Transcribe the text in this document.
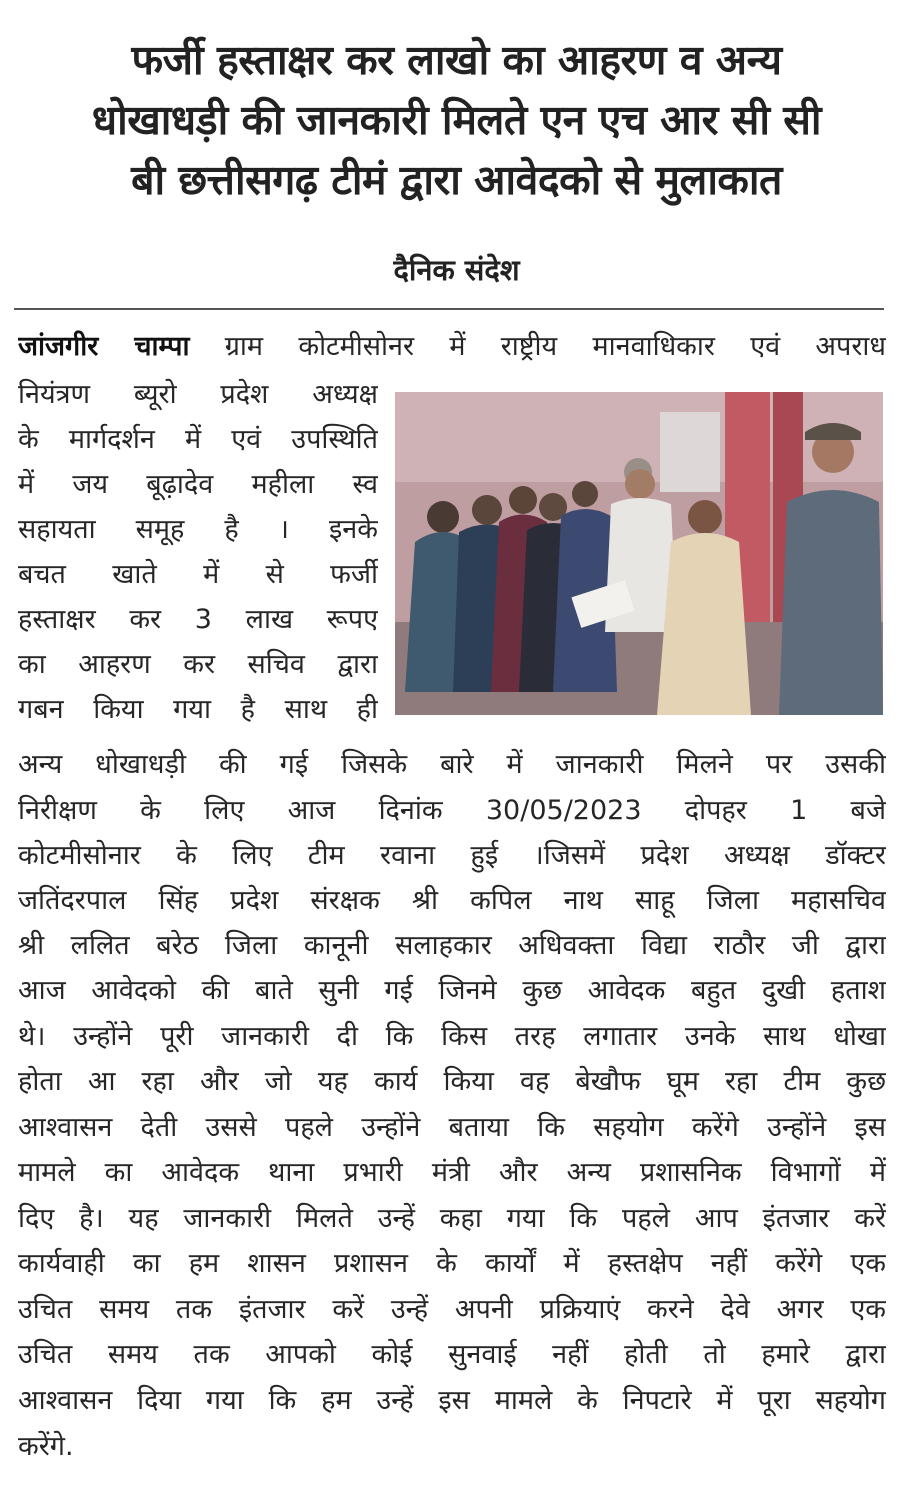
फर्जी हस्ताक्षर कर लाखो का आहरण व अन्य
धोखाधड़ी की जानकारी मिलते एन एच आर सी सी
बी छत्तीसगढ़ टीमं द्वारा आवेदको से मुलाकात
दैनिक संदेश
जांजगीर चाम्पा ग्राम कोटमीसोनर में राष्ट्रीय मानवाधिकार एवं अपराध
नियंत्रण ब्यूरो प्रदेश अध्यक्ष
के मार्गदर्शन में एवं उपस्थिति
में जय बूढ़ादेव महीला स्व
सहायता समूह है । इनके
बचत खाते में से फर्जी
हस्ताक्षर कर 3 लाख रूपए
का आहरण कर सचिव द्वारा
गबन किया गया है साथ ही
अन्य धोखाधड़ी की गई जिसके बारे में जानकारी मिलने पर उसकी
निरीक्षण के लिए आज दिनांक 30/05/2023 दोपहर 1 बजे
कोटमीसोनार के लिए टीम रवाना हुई ।जिसमें प्रदेश अध्यक्ष डॉक्टर
जतिंदरपाल सिंह प्रदेश संरक्षक श्री कपिल नाथ साहू जिला महासचिव
श्री ललित बरेठ जिला कानूनी सलाहकार अधिवक्ता विद्या राठौर जी द्वारा
आज आवेदको की बाते सुनी गई जिनमे कुछ आवेदक बहुत दुखी हताश
थे। उन्होंने पूरी जानकारी दी कि किस तरह लगातार उनके साथ धोखा
होता आ रहा और जो यह कार्य किया वह बेखौफ घूम रहा टीम कुछ
आश्वासन देती उससे पहले उन्होंने बताया कि सहयोग करेंगे उन्होंने इस
मामले का आवेदक थाना प्रभारी मंत्री और अन्य प्रशासनिक विभागों में
दिए है। यह जानकारी मिलते उन्हें कहा गया कि पहले आप इंतजार करें
कार्यवाही का हम शासन प्रशासन के कार्यों में हस्तक्षेप नहीं करेंगे एक
उचित समय तक इंतजार करें उन्हें अपनी प्रक्रियाएं करने देवे अगर एक
उचित समय तक आपको कोई सुनवाई नहीं होती तो हमारे द्वारा
आश्वासन दिया गया कि हम उन्हें इस मामले के निपटारे में पूरा सहयोग
करेंगे.
